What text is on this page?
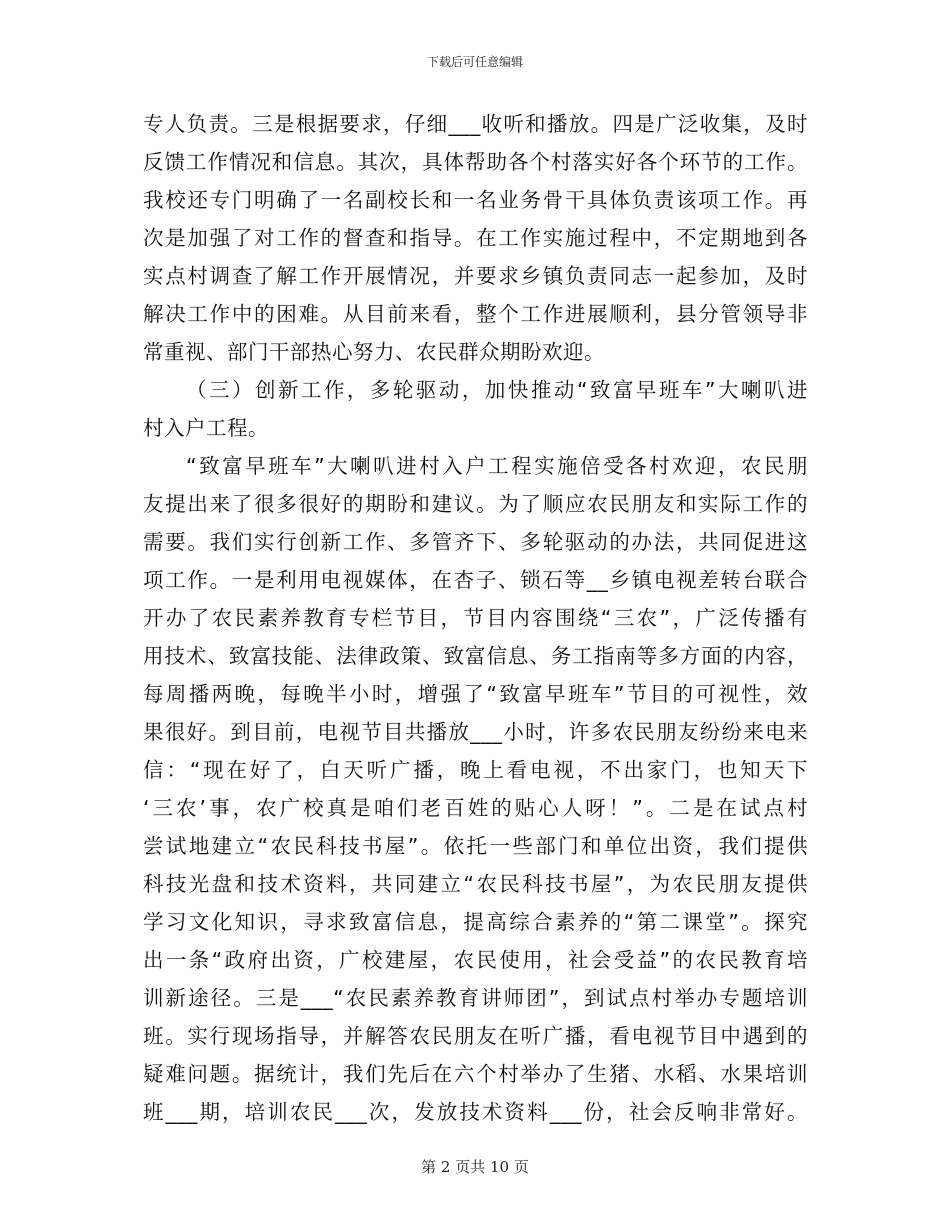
下载后可任意编辑
专人负责。三是根据要求，仔细___收听和播放。四是广泛收集，及时
反馈工作情况和信息。其次，具体帮助各个村落实好各个环节的工作。
我校还专门明确了一名副校长和一名业务骨干具体负责该项工作。再
次是加强了对工作的督查和指导。在工作实施过程中，不定期地到各
实点村调查了解工作开展情况，并要求乡镇负责同志一起参加，及时
解决工作中的困难。从目前来看，整个工作进展顺利，县分管领导非
常重视、部门干部热心努力、农民群众期盼欢迎。
（三）创新工作，多轮驱动，加快推动“致富早班车”大喇叭进
村入户工程。
“致富早班车”大喇叭进村入户工程实施倍受各村欢迎，农民朋
友提出来了很多很好的期盼和建议。为了顺应农民朋友和实际工作的
需要。我们实行创新工作、多管齐下、多轮驱动的办法，共同促进这
项工作。一是利用电视媒体，在杏子、锁石等__乡镇电视差转台联合
开办了农民素养教育专栏节目，节目内容围绕“三农”，广泛传播有
用技术、致富技能、法律政策、致富信息、务工指南等多方面的内容，
每周播两晚，每晚半小时，增强了“致富早班车”节目的可视性，效
果很好。到目前，电视节目共播放___小时，许多农民朋友纷纷来电来
信：“现在好了，白天听广播，晚上看电视，不出家门，也知天下
‘三农’事，农广校真是咱们老百姓的贴心人呀！”。二是在试点村
尝试地建立“农民科技书屋”。依托一些部门和单位出资，我们提供
科技光盘和技术资料，共同建立“农民科技书屋”，为农民朋友提供
学习文化知识，寻求致富信息，提高综合素养的“第二课堂”。探究
出一条“政府出资，广校建屋，农民使用，社会受益”的农民教育培
训新途径。三是___“农民素养教育讲师团”，到试点村举办专题培训
班。实行现场指导，并解答农民朋友在听广播，看电视节目中遇到的
疑难问题。据统计，我们先后在六个村举办了生猪、水稻、水果培训
班___期，培训农民___次，发放技术资料___份，社会反响非常好。
第 2 页共 10 页
